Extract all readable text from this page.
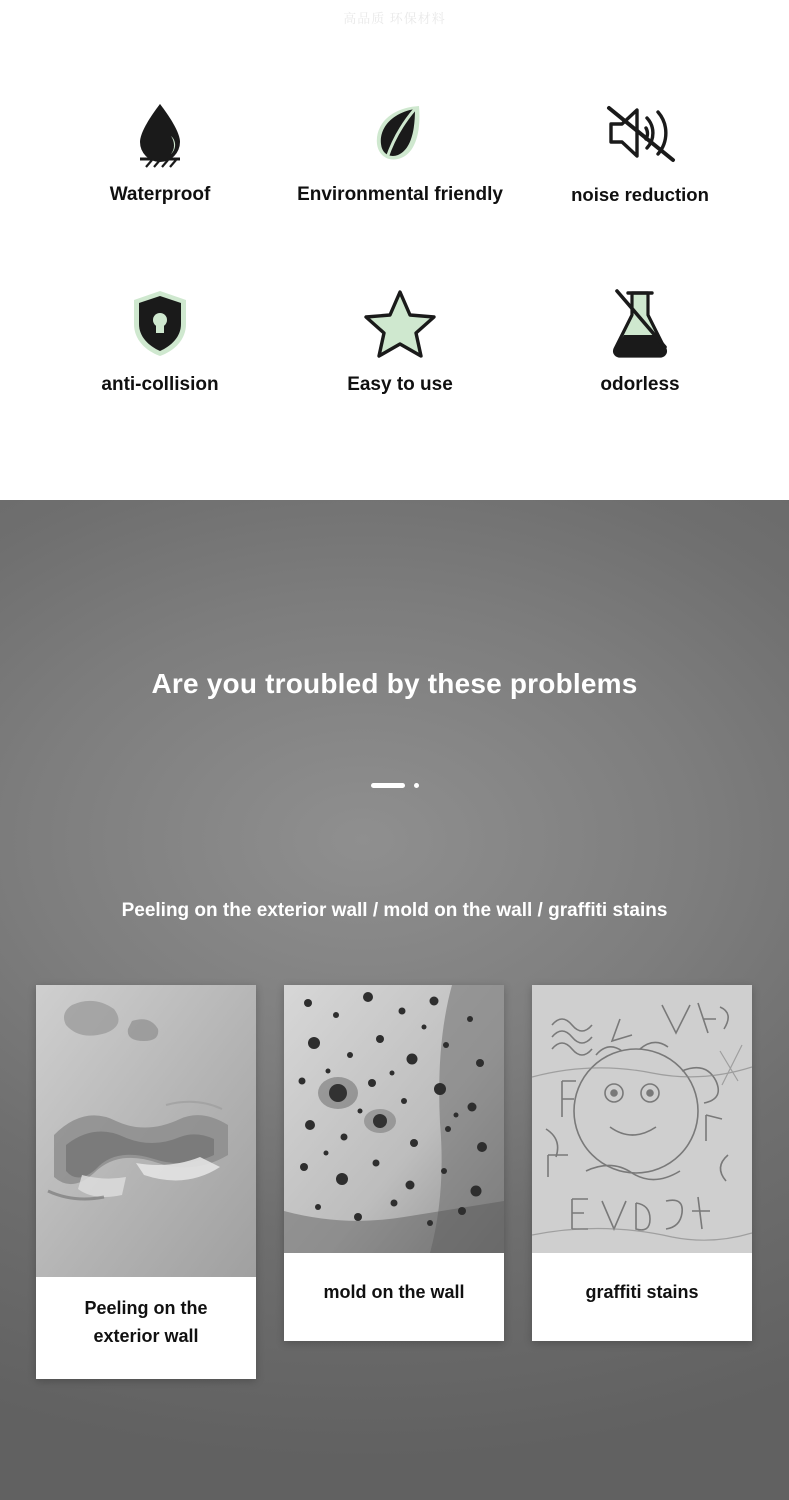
高品质 环保材料
Waterproof	Environmental friendly	noise reduction
anti-collision	Easy to use	odorless
Are you troubled by these problems
Peeling on the exterior wall / mold on the wall / graffiti stains
Peeling on the
exterior wall
mold on the wall	graffiti stains
